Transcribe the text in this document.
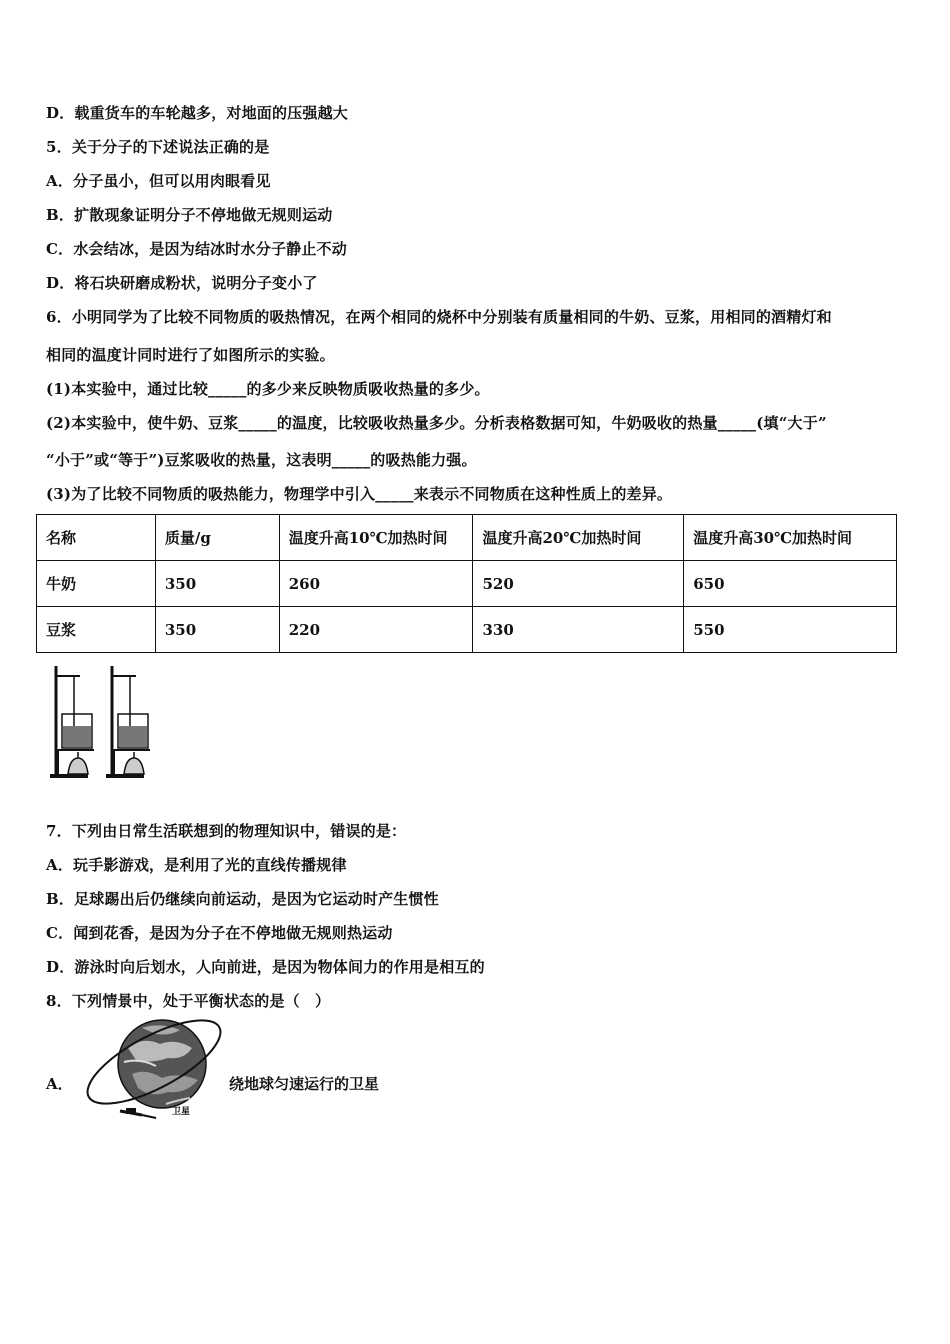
D．载重货车的车轮越多，对地面的压强越大
5．关于分子的下述说法正确的是
A．分子虽小，但可以用肉眼看见
B．扩散现象证明分子不停地做无规则运动
C．水会结冰，是因为结冰时水分子静止不动
D．将石块研磨成粉状，说明分子变小了
6．小明同学为了比较不同物质的吸热情况，在两个相同的烧杯中分别装有质量相同的牛奶、豆浆，用相同的酒精灯和
相同的温度计同时进行了如图所示的实验。
(1)本实验中，通过比较_____的多少来反映物质吸收热量的多少。
(2)本实验中，使牛奶、豆浆_____的温度，比较吸收热量多少。分析表格数据可知，牛奶吸收的热量_____(填“大于”
“小于”或“等于”)豆浆吸收的热量，这表明_____的吸热能力强。
(3)为了比较不同物质的吸热能力，物理学中引入_____来表示不同物质在这种性质上的差异。
名称	质量/g	温度升高10℃加热时间	温度升高20℃加热时间	温度升高30℃加热时间
牛奶	350	260	520	650
豆浆	350	220	330	550
7．下列由日常生活联想到的物理知识中，错误的是：
A．玩手影游戏，是利用了光的直线传播规律
B．足球踢出后仍继续向前运动，是因为它运动时产生惯性
C．闻到花香，是因为分子在不停地做无规则热运动
D．游泳时向后划水，人向前进，是因为物体间力的作用是相互的
8．下列情景中，处于平衡状态的是（　）
A．
卫星
绕地球匀速运行的卫星
